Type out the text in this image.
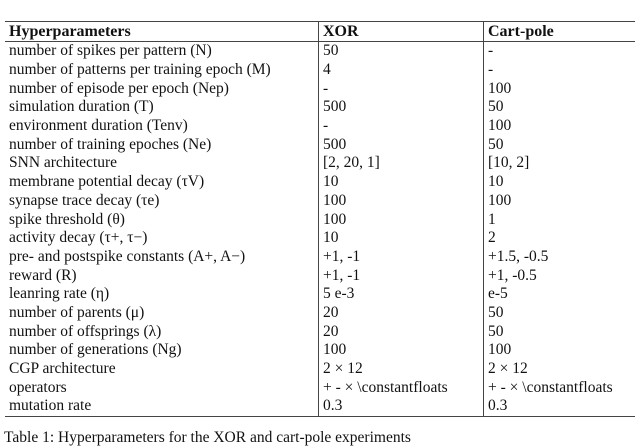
Hyperparameters	XOR	Cart-pole
number of spikes per pattern (N)	50	-
number of patterns per training epoch (M)	4	-
number of episode per epoch (Nep)	-	100
simulation duration (T)	500	50
environment duration (Tenv)	-	100
number of training epoches (Ne)	500	50
SNN architecture	[2, 20, 1]	[10, 2]
membrane potential decay (τV)	10	10
synapse trace decay (τe)	100	100
spike threshold (θ)	100	1
activity decay (τ+, τ−)	10	2
pre- and postspike constants (A+, A−)	+1, -1	+1.5, -0.5
reward (R)	+1, -1	+1, -0.5
leanring rate (η)	5 e-3	e-5
number of parents (μ)	20	50
number of offsprings (λ)	20	50
number of generations (Ng)	100	100
CGP architecture	2 × 12	2 × 12
operators	+ - × \constantfloats	+ - × \constantfloats
mutation rate	0.3	0.3
Table 1: Hyperparameters for the XOR and cart-pole experiments
